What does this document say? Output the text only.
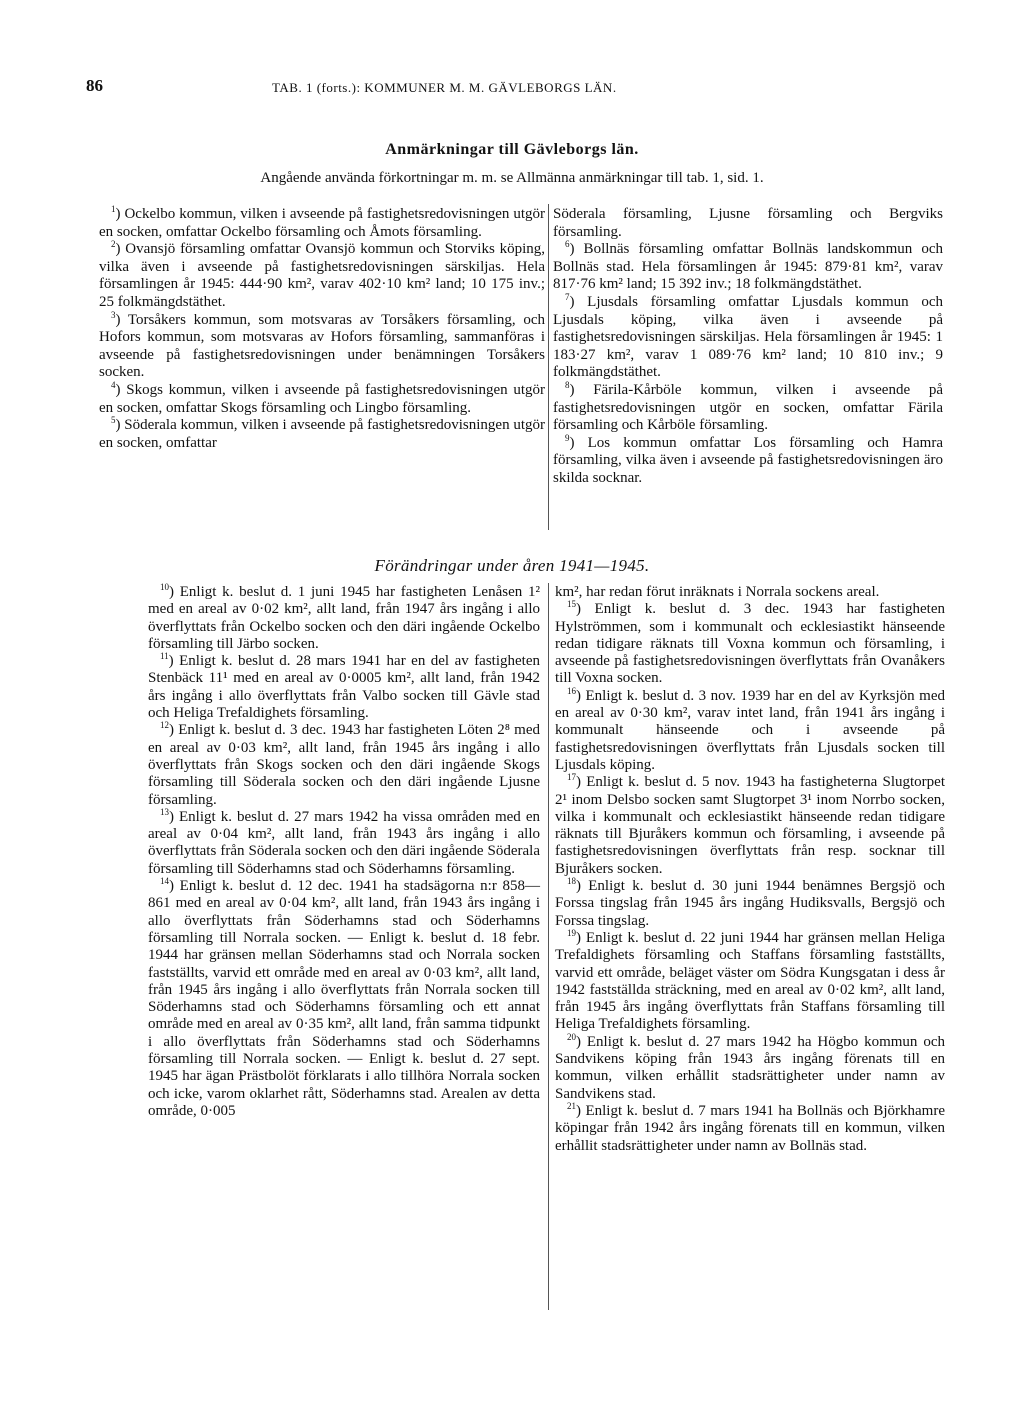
86	TAB. 1 (forts.): KOMMUNER M. M. GÄVLEBORGS LÄN.
Anmärkningar till Gävleborgs län.
Angående använda förkortningar m. m. se Allmänna anmärkningar till tab. 1, sid. 1.

$^1$) Ockelbo kommun, vilken i avseende på fastighetsredovisningen utgör en socken, omfattar Ockelbo församling och Åmots församling.

$^2$) Ovansjö församling omfattar Ovansjö kommun och Storviks köping, vilka även i avseende på fastighetsredovisningen särskiljas. Hela församlingen år 1945: 444·90 km², varav 402·10 km² land; 10 175 inv.; 25 folkmängdstäthet.

$^3$) Torsåkers kommun, som motsvaras av Torsåkers församling, och Hofors kommun, som motsvaras av Hofors församling, sammanföras i avseende på fastighetsredovisningen under benämningen Torsåkers socken.

$^4$) Skogs kommun, vilken i avseende på fastighetsredovisningen utgör en socken, omfattar Skogs församling och Lingbo församling.

$^5$) Söderala kommun, vilken i avseende på fastighetsredovisningen utgör en socken, omfattar

Söderala församling, Ljusne församling och Bergviks församling.

$^6$) Bollnäs församling omfattar Bollnäs landskommun och Bollnäs stad. Hela församlingen år 1945: 879·81 km², varav 817·76 km² land; 15 392 inv.; 18 folkmängdstäthet.

$^7$) Ljusdals församling omfattar Ljusdals kommun och Ljusdals köping, vilka även i avseende på fastighetsredovisningen särskiljas. Hela församlingen år 1945: 1 183·27 km², varav 1 089·76 km² land; 10 810 inv.; 9 folkmängdstäthet.

$^8$) Färila-Kårböle kommun, vilken i avseende på fastighetsredovisningen utgör en socken, omfattar Färila församling och Kårböle församling.

$^9$) Los kommun omfattar Los församling och Hamra församling, vilka även i avseende på fastighetsredovisningen äro skilda socknar.

Förändringar under åren 1941—1945.

$^{10}$) Enligt k. beslut d. 1 juni 1945 har fastigheten Lenåsen 1² med en areal av 0·02 km², allt land, från 1947 års ingång i allo överflyttats från Ockelbo socken och den däri ingående Ockelbo församling till Järbo socken.

$^{11}$) Enligt k. beslut d. 28 mars 1941 har en del av fastigheten Stenbäck 11¹ med en areal av 0·0005 km², allt land, från 1942 års ingång i allo överflyttats från Valbo socken till Gävle stad och Heliga Trefaldighets församling.

$^{12}$) Enligt k. beslut d. 3 dec. 1943 har fastigheten Löten 2⁸ med en areal av 0·03 km², allt land, från 1945 års ingång i allo överflyttats från Skogs socken och den däri ingående Skogs församling till Söderala socken och den däri ingående Ljusne församling.

$^{13}$) Enligt k. beslut d. 27 mars 1942 ha vissa områden med en areal av 0·04 km², allt land, från 1943 års ingång i allo överflyttats från Söderala socken och den däri ingående Söderala församling till Söderhamns stad och Söderhamns församling.

$^{14}$) Enligt k. beslut d. 12 dec. 1941 ha stadsägorna n:r 858—861 med en areal av 0·04 km², allt land, från 1943 års ingång i allo överflyttats från Söderhamns stad och Söderhamns församling till Norrala socken. — Enligt k. beslut d. 18 febr. 1944 har gränsen mellan Söderhamns stad och Norrala socken fastställts, varvid ett område med en areal av 0·03 km², allt land, från 1945 års ingång i allo överflyttats från Norrala socken till Söderhamns stad och Söderhamns församling och ett annat område med en areal av 0·35 km², allt land, från samma tidpunkt i allo överflyttats från Söderhamns stad och Söderhamns församling till Norrala socken. — Enligt k. beslut d. 27 sept. 1945 har ägan Prästbolöt förklarats i allo tillhöra Norrala socken och icke, varom oklarhet rått, Söderhamns stad. Arealen av detta område, 0·005

km², har redan förut inräknats i Norrala sockens areal.

$^{15}$) Enligt k. beslut d. 3 dec. 1943 har fastigheten Hylströmmen, som i kommunalt och ecklesiastikt hänseende redan tidigare räknats till Voxna kommun och församling, i avseende på fastighetsredovisningen överflyttats från Ovanåkers till Voxna socken.

$^{16}$) Enligt k. beslut d. 3 nov. 1939 har en del av Kyrksjön med en areal av 0·30 km², varav intet land, från 1941 års ingång i kommunalt hänseende och i avseende på fastighetsredovisningen överflyttats från Ljusdals socken till Ljusdals köping.

$^{17}$) Enligt k. beslut d. 5 nov. 1943 ha fastigheterna Slugtorpet 2¹ inom Delsbo socken samt Slugtorpet 3¹ inom Norrbo socken, vilka i kommunalt och ecklesiastikt hänseende redan tidigare räknats till Bjuråkers kommun och församling, i avseende på fastighetsredovisningen överflyttats från resp. socknar till Bjuråkers socken.

$^{18}$) Enligt k. beslut d. 30 juni 1944 benämnes Bergsjö och Forssa tingslag från 1945 års ingång Hudiksvalls, Bergsjö och Forssa tingslag.

$^{19}$) Enligt k. beslut d. 22 juni 1944 har gränsen mellan Heliga Trefaldighets församling och Staffans församling fastställts, varvid ett område, beläget väster om Södra Kungsgatan i dess år 1942 fastställda sträckning, med en areal av 0·02 km², allt land, från 1945 års ingång överflyttats från Staffans församling till Heliga Trefaldighets församling.

$^{20}$) Enligt k. beslut d. 27 mars 1942 ha Högbo kommun och Sandvikens köping från 1943 års ingång förenats till en kommun, vilken erhållit stadsrättigheter under namn av Sandvikens stad.

$^{21}$) Enligt k. beslut d. 7 mars 1941 ha Bollnäs och Björkhamre köpingar från 1942 års ingång förenats till en kommun, vilken erhållit stadsrättigheter under namn av Bollnäs stad.
